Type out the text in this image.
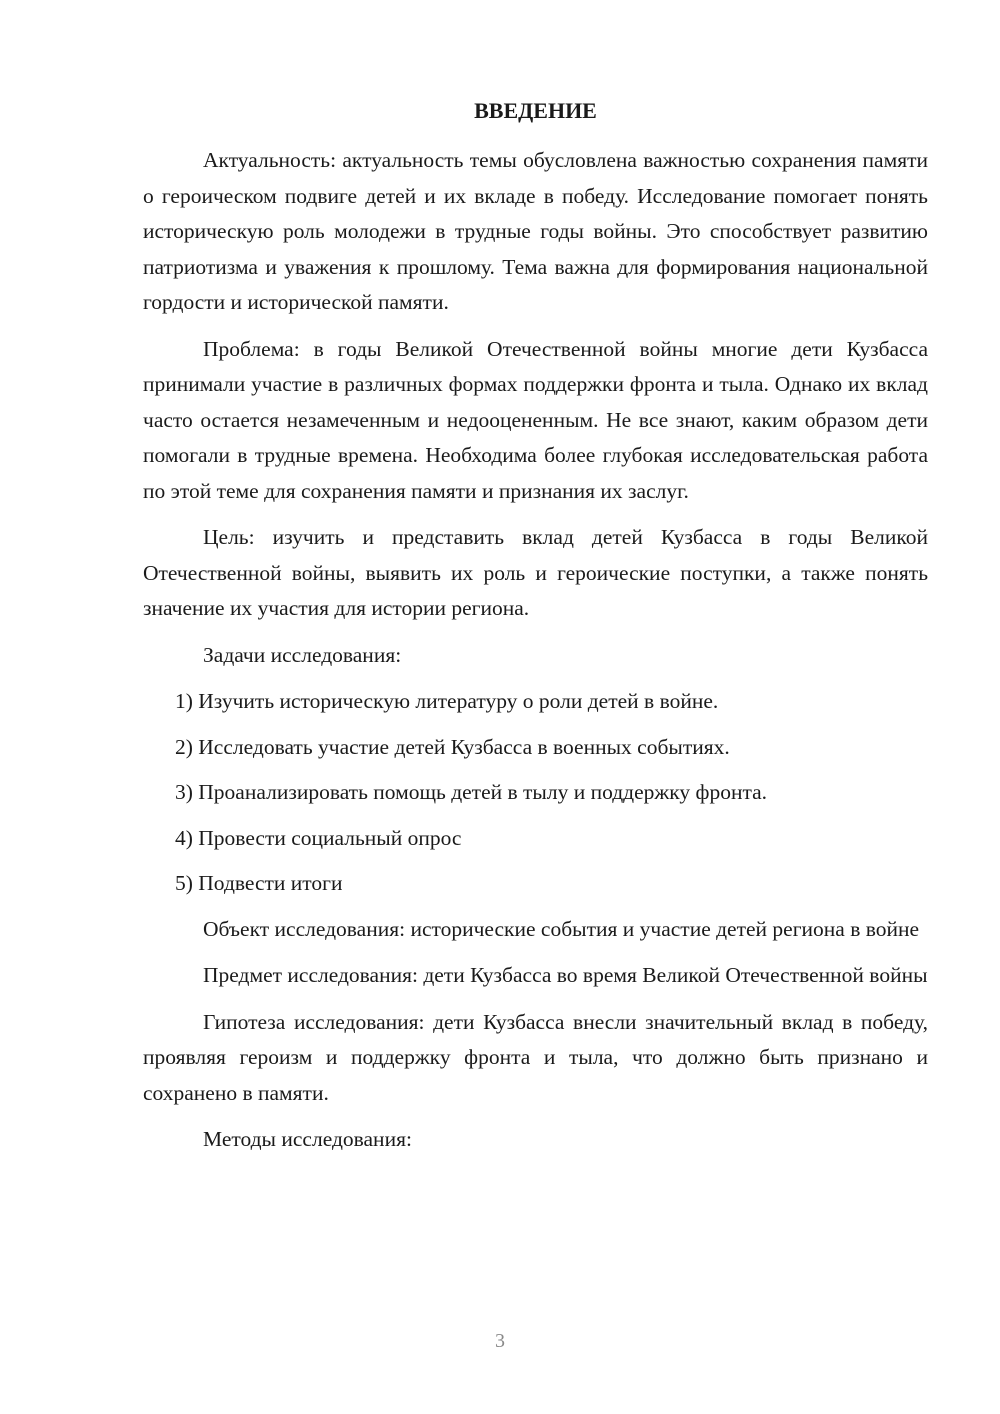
ВВЕДЕНИЕ

Актуальность: актуальность темы обусловлена важностью сохранения памяти о героическом подвиге детей и их вкладе в победу. Исследование помогает понять историческую роль молодежи в трудные годы войны. Это способствует развитию патриотизма и уважения к прошлому. Тема важна для формирования национальной гордости и исторической памяти.

Проблема: в годы Великой Отечественной войны многие дети Кузбасса принимали участие в различных формах поддержки фронта и тыла. Однако их вклад часто остается незамеченным и недооцененным. Не все знают, каким образом дети помогали в трудные времена. Необходима более глубокая исследовательская работа по этой теме для сохранения памяти и признания их заслуг.

Цель: изучить и представить вклад детей Кузбасса в годы Великой Отечественной войны, выявить их роль и героические поступки, а также понять значение их участия для истории региона.

Задачи исследования:

1) Изучить историческую литературу о роли детей в войне.
2) Исследовать участие детей Кузбасса в военных событиях.
3) Проанализировать помощь детей в тылу и поддержку фронта.
4) Провести социальный опрос
5) Подвести итоги

Объект исследования: исторические события и участие детей региона в войне

Предмет исследования: дети Кузбасса во время Великой Отечественной войны

Гипотеза исследования: дети Кузбасса внесли значительный вклад в победу, проявляя героизм и поддержку фронта и тыла, что должно быть признано и сохранено в памяти.

Методы исследования:

3
